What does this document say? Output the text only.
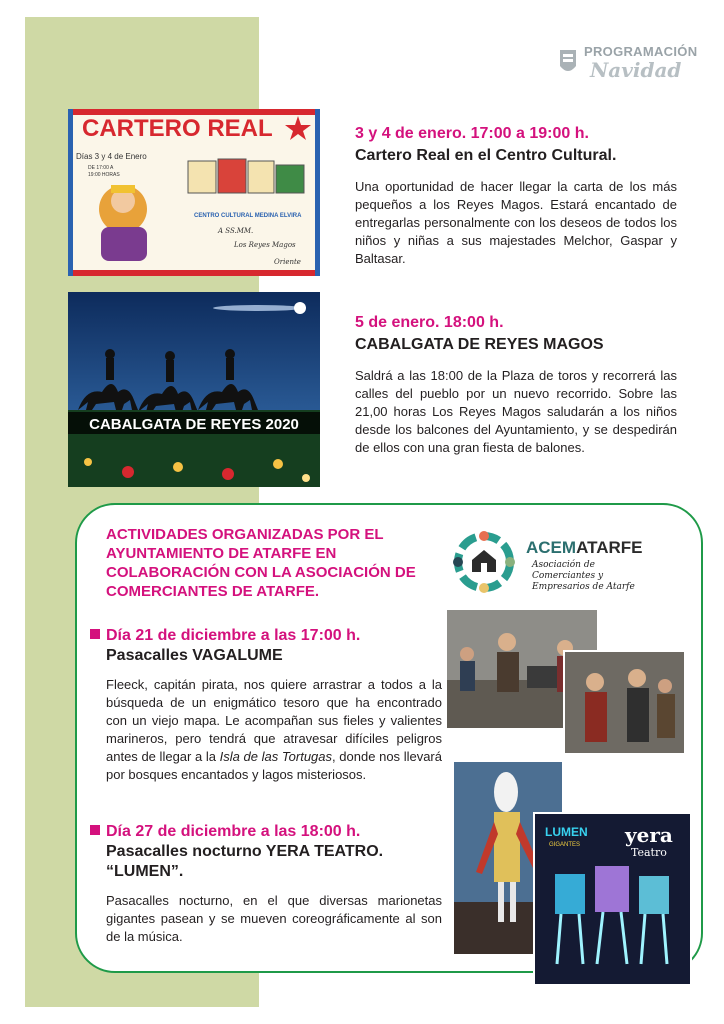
PROGRAMACIÓN
Navidad
CARTERO REAL
Días 3 y 4 de Enero
DE 17:00 A
19:00 HORAS
CENTRO CULTURAL MEDINA ELVIRA
A SS.MM.
Los Reyes Magos
Oriente
CABALGATA DE REYES 2020
3 y 4 de enero. 17:00 a 19:00 h.
Cartero Real en el Centro Cultural.
Una oportunidad de hacer llegar la carta de los más pequeños a los Reyes Magos. Estará encantado de entregarlas personalmente con los deseos de todos los niños y niñas a sus majestades Melchor, Gaspar y Baltasar.
5 de enero. 18:00 h.
CABALGATA DE REYES MAGOS
Saldrá a las 18:00 de la Plaza de toros y recorrerá las calles del pueblo por un nuevo recorrido. Sobre las 21,00 horas Los Reyes Magos saludarán a los niños desde los balcones del Ayuntamiento, y se despedirán de ellos con una gran fiesta de balones.
ACTIVIDADES ORGANIZADAS POR EL AYUNTAMIENTO DE ATARFE EN COLABORACIÓN CON LA ASOCIACIÓN DE COMERCIANTES DE ATARFE.
ACEMATARFE
Asociación de Comerciantes y Empresarios de Atarfe
Día 21 de diciembre a las 17:00 h.
Pasacalles VAGALUME
Fleeck, capitán pirata, nos quiere arrastrar a todos a la búsqueda de un enigmático tesoro que ha encontrado con un viejo mapa. Le acompañan sus fieles y valientes marineros, pero tendrá que atravesar difíciles peligros antes de llegar a la Isla de las Tortugas, donde nos llevará por bosques encantados y lagos misteriosos.
Día 27 de diciembre a las 18:00 h.
Pasacalles nocturno YERA TEATRO. “LUMEN”.
Pasacalles nocturno, en el que diversas marionetas gigantes pasean y se mueven coreográficamente al son de la música.
LUMEN
GIGANTES yera
Teatro
